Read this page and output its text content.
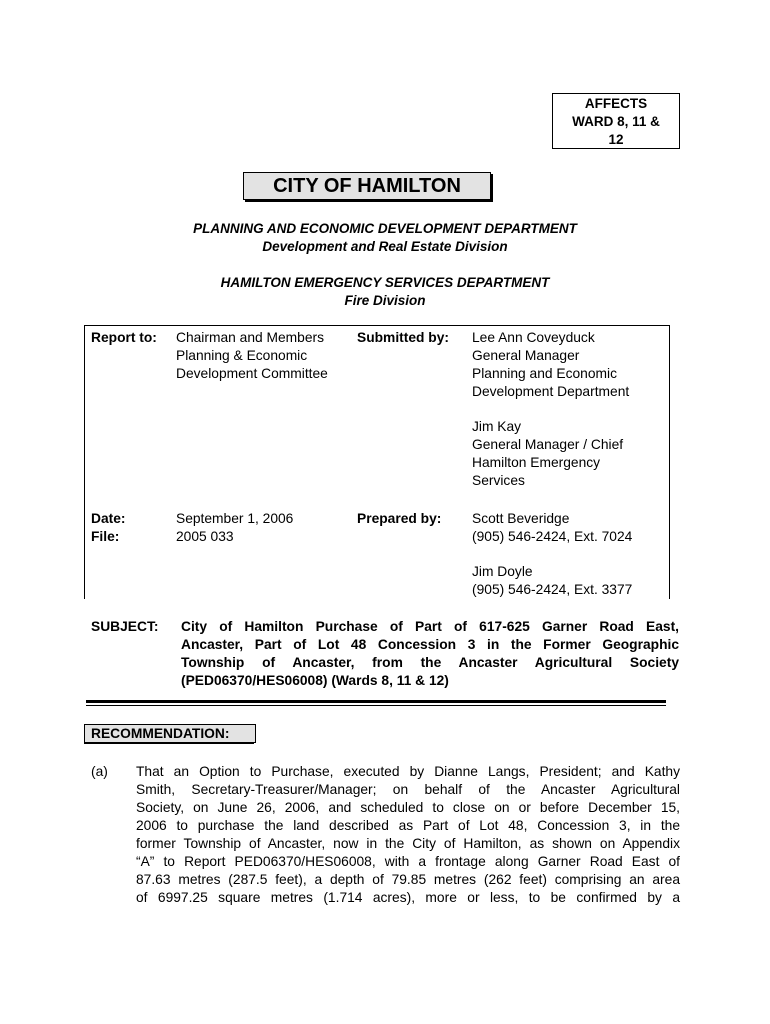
AFFECTS
WARD 8, 11 &
12
CITY OF HAMILTON
PLANNING AND ECONOMIC DEVELOPMENT DEPARTMENT
Development and Real Estate Division
HAMILTON EMERGENCY SERVICES DEPARTMENT
Fire Division
Report to: Chairman and Members
Planning & Economic
Development Committee
Submitted by: Lee Ann Coveyduck
General Manager
Planning and Economic
Development Department
Jim Kay
General Manager / Chief
Hamilton Emergency
Services
Date:
File:
September 1, 2006
2005 033
Prepared by: Scott Beveridge
(905) 546-2424, Ext. 7024
Jim Doyle
(905) 546-2424, Ext. 3377
SUBJECT: City of Hamilton Purchase of Part of 617-625 Garner Road East,
Ancaster, Part of Lot 48 Concession 3 in the Former Geographic
Township of Ancaster, from the Ancaster Agricultural Society
(PED06370/HES06008) (Wards 8, 11 & 12)
RECOMMENDATION:
(a) That an Option to Purchase, executed by Dianne Langs, President; and Kathy
Smith, Secretary-Treasurer/Manager; on behalf of the Ancaster Agricultural
Society, on June 26, 2006, and scheduled to close on or before December 15,
2006 to purchase the land described as Part of Lot 48, Concession 3, in the
former Township of Ancaster, now in the City of Hamilton, as shown on Appendix
“A” to Report PED06370/HES06008, with a frontage along Garner Road East of
87.63 metres (287.5 feet), a depth of 79.85 metres (262 feet) comprising an area
of 6997.25 square metres (1.714 acres), more or less, to be confirmed by a
